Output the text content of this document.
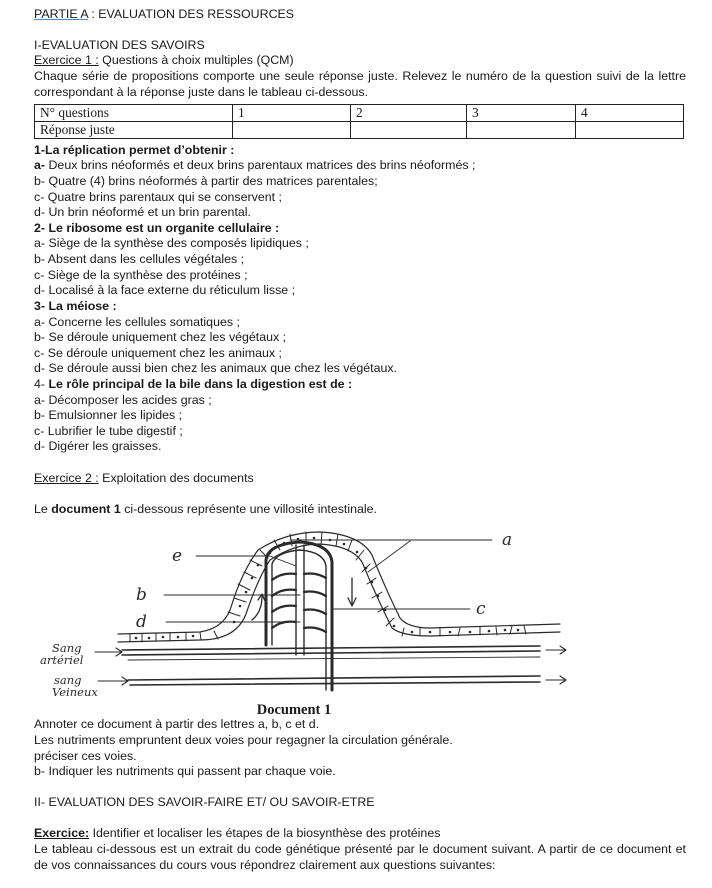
PARTIE A : EVALUATION DES RESSOURCES
I-EVALUATION DES SAVOIRS
Exercice 1 : Questions à choix multiples (QCM)
Chaque série de propositions comporte une seule réponse juste. Relevez le numéro de la question suivi de la lettre correspondant à la réponse juste dans le tableau ci-dessous.
N° questions	1	2	3	4
Réponse juste				
1-La réplication permet d’obtenir :
a- Deux brins néoformés et deux brins parentaux matrices des brins néoformés ;
b- Quatre (4) brins néoformés à partir des matrices parentales;
c- Quatre brins parentaux qui se conservent ;
d- Un brin néoformé et un brin parental.
2- Le ribosome est un organite cellulaire :
a- Siège de la synthèse des composés lipidiques ;
b- Absent dans les cellules végétales ;
c- Siège de la synthèse des protéines ;
d- Localisé à la face externe du réticulum lisse ;
3- La méiose :
a- Concerne les cellules somatiques ;
b- Se déroule uniquement chez les végétaux ;
c- Se déroule uniquement chez les animaux ;
d- Se déroule aussi bien chez les animaux que chez les végétaux.
4- Le rôle principal de la bile dans la digestion est de :
a- Décomposer les acides gras ;
b- Emulsionner les lipides ;
c- Lubrifier le tube digestif ;
d- Digérer les graisses.
Exercice 2 : Exploitation des documents
Le document 1 ci-dessous représente une villosité intestinale.
Document 1
Annoter ce document à partir des lettres a, b, c et d.
Les nutriments empruntent deux voies pour regagner la circulation générale.
préciser ces voies.
b- Indiquer les nutriments qui passent par chaque voie.
II- EVALUATION DES SAVOIR-FAIRE ET/ OU SAVOIR-ETRE
Exercice: Identifier et localiser les étapes de la biosynthèse des protéines
Le tableau ci-dessous est un extrait du code génétique présenté par le document suivant. A partir de ce document et de vos connaissances du cours vous répondrez clairement aux questions suivantes:
a
e
b
d
c
Sang
artériel
sang
Veineux
